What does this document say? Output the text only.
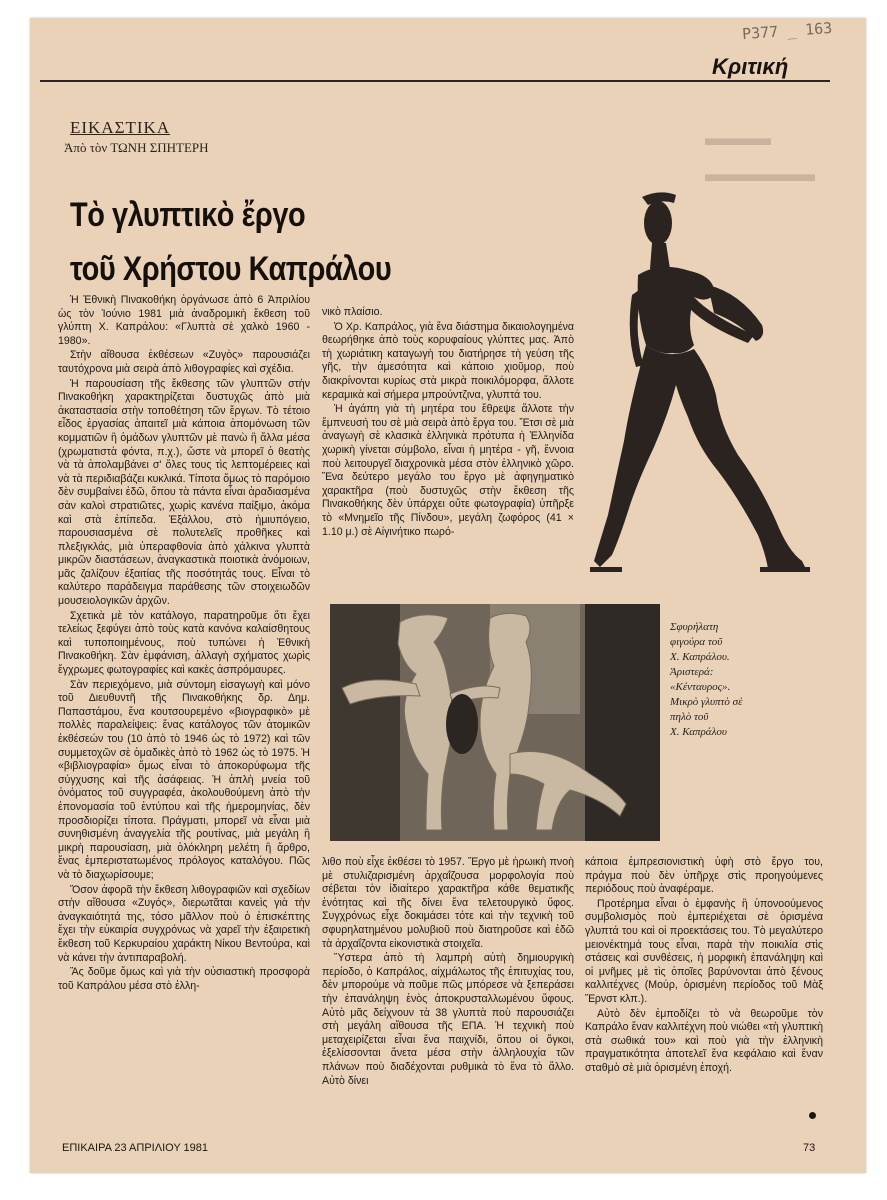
P377 _ 163
Κριτική
▬▬▬
▬▬▬▬▬
ΕΙΚΑΣΤΙΚΑ
Ἀπὸ τὸν ΤΩΝΗ ΣΠΗΤΕΡΗ
Τὸ γλυπτικὸ ἔργο
τοῦ Χρήστου Καπράλου

Ἡ Ἐθνικὴ Πινακοθήκη ὀργάνωσε ἀπὸ 6 Ἀπριλίου ὡς τὸν Ἰούνιο 1981 μιὰ ἀναδρομικὴ ἔκθεση τοῦ γλύπτη Χ. Καπράλου: «Γλυπτὰ σὲ χαλκὸ 1960 - 1980».

Στὴν αἴθουσα ἐκθέσεων «Ζυγὸς» παρουσιάζει ταυτόχρονα μιὰ σειρὰ ἀπὸ λιθογραφίες καὶ σχέδια.

Ἡ παρουσίαση τῆς ἔκθεσης τῶν γλυπτῶν στὴν Πινακοθήκη χαρακτηρίζεται δυστυχῶς ἀπὸ μιὰ ἀκαταστασία στὴν τοποθέτηση τῶν ἔργων. Τὸ τέτοιο εἶδος ἐργασίας ἀπαιτεῖ μιὰ κάποια ἀπομόνωση τῶν κομματιῶν ἢ ὁμάδων γλυπτῶν μὲ πανὼ ἢ ἄλλα μέσα (χρωματιστὰ φόντα, π.χ.), ὥστε νὰ μπορεῖ ὁ θεατὴς νὰ τὰ ἀπολαμβάνει σ' ὅλες τους τὶς λεπτομέρειες καὶ νὰ τὰ περιδιαβάζει κυκλικά. Τίποτα ὅμως τὸ παρόμοιο δὲν συμβαίνει ἐδῶ, ὅπου τὰ πάντα εἶναι ἀραδιασμένα σὰν καλοὶ στρατιῶτες, χωρὶς κανένα παίξιμο, ἀκόμα καὶ στὰ ἐπίπεδα. Ἐξάλλου, στὸ ἡμιυπόγειο, παρουσιασμένα σὲ πολυτελεῖς προθῆκες καὶ πλεξιγκλάς, μιὰ ὑπεραφθονία ἀπὸ χάλκινα γλυπτὰ μικρῶν διαστάσεων, ἀναγκαστικὰ ποιοτικὰ ἀνόμοιων, μᾶς ζαλίζουν ἐξαιτίας τῆς ποσότητάς τους. Εἶναι τὸ καλύτερο παράδειγμα παράθεσης τῶν στοιχειωδῶν μουσειολογικῶν ἀρχῶν.

Σχετικὰ μὲ τὸν κατάλογο, παρατηροῦμε ὅτι ἔχει τελείως ξεφύγει ἀπὸ τοὺς κατὰ κανόνα καλαίσθητους καὶ τυποποιημένους, ποὺ τυπώνει ἡ Ἐθνικὴ Πινακοθήκη. Σὰν ἐμφάνιση, ἀλλαγὴ σχήματος χωρὶς ἔγχρωμες φωτογραφίες καὶ κακὲς ἀσπρόμαυρες.

Σὰν περιεχόμενο, μιὰ σύντομη εἰσαγωγὴ καὶ μόνο τοῦ Διευθυντῆ τῆς Πινακοθήκης δρ. Δημ. Παπαστάμου, ἕνα κουτσουρεμένο «βιογραφικὸ» μὲ πολλὲς παραλείψεις: ἕνας κατάλογος τῶν ἀτομικῶν ἐκθέσεών του (10 ἀπὸ τὸ 1946 ὡς τὸ 1972) καὶ τῶν συμμετοχῶν σὲ ὁμαδικὲς ἀπὸ τὸ 1962 ὡς τὸ 1975. Ἡ «βιβλιογραφία» ὅμως εἶναι τὸ ἀποκορύφωμα τῆς σύγχυσης καὶ τῆς ἀσάφειας. Ἡ ἁπλὴ μνεία τοῦ ὀνόματος τοῦ συγγραφέα, ἀκολουθούμενη ἀπὸ τὴν ἐπονομασία τοῦ ἐντύπου καὶ τῆς ἡμερομηνίας, δὲν προσδιορίζει τίποτα. Πράγματι, μπορεῖ νὰ εἶναι μιὰ συνηθισμένη ἀναγγελία τῆς ρουτίνας, μιὰ μεγάλη ἢ μικρὴ παρουσίαση, μιὰ ὁλόκληρη μελέτη ἢ ἄρθρο, ἕνας ἐμπεριστατωμένος πρόλογος καταλόγου. Πῶς νὰ τὸ διαχωρίσουμε;

Ὅσον ἀφορᾶ τὴν ἔκθεση λιθογραφιῶν καὶ σχεδίων στὴν αἴθουσα «Ζυγός», διερωτᾶται κανεὶς γιὰ τὴν ἀναγκαιότητά της, τόσο μᾶλλον ποὺ ὁ ἐπισκέπτης ἔχει τὴν εὐκαιρία συγχρόνως νὰ χαρεῖ τὴν ἐξαιρετικὴ ἔκθεση τοῦ Κερκυραίου χαράκτη Νίκου Βεντούρα, καὶ νὰ κάνει τὴν ἀντιπαραβολή.

Ἂς δοῦμε ὅμως καὶ γιὰ τὴν οὐσιαστικὴ προσφορὰ τοῦ Καπράλου μέσα στὸ ἑλλη-

νικὸ πλαίσιο.

Ὁ Χρ. Καπράλος, γιὰ ἕνα διάστημα δικαιολογημένα θεωρήθηκε ἀπὸ τοὺς κορυφαίους γλύπτες μας. Ἀπὸ τὴ χωριάτικη καταγωγὴ του διατήρησε τὴ γεύση τῆς γῆς, τὴν ἀμεσότητα καὶ κάποιο χιοῦμορ, ποὺ διακρίνονται κυρίως στὰ μικρὰ ποικιλόμορφα, ἄλλοτε κεραμικὰ καὶ σήμερα μπρούντζινα, γλυπτά του.

Ἡ ἀγάπη γιὰ τὴ μητέρα του ἔθρεψε ἄλλοτε τὴν ἔμπνευσή του σὲ μιὰ σειρὰ ἀπὸ ἔργα του. Ἔτσι σὲ μιὰ ἀναγωγὴ σὲ κλασικὰ ἑλληνικὰ πρότυπα ἡ Ἑλληνίδα χωρικὴ γίνεται σύμβολο, εἶναι ἡ μητέρα - γῆ, ἔννοια ποὺ λειτουργεῖ διαχρονικὰ μέσα στὸν ἑλληνικὸ χῶρο. Ἕνα δεύτερο μεγάλο του ἔργο μὲ ἀφηγηματικὸ χαρακτῆρα (ποὺ δυστυχῶς στὴν ἔκθεση τῆς Πινακοθήκης δὲν ὑπάρχει οὔτε φωτογραφία) ὑπῆρξε τὸ «Μνημεῖο τῆς Πίνδου», μεγάλη ζωφόρος (41 × 1.10 μ.) σὲ Αἰγινήτικο πωρό-

Σφυρήλατη
φιγούρα τοῦ
Χ. Καπράλου.
Ἀριστερά:
«Κένταυρος».
Μικρὸ γλυπτὸ σὲ
πηλὸ τοῦ
Χ. Καπράλου

λιθο ποὺ εἶχε ἐκθέσει τὸ 1957. Ἔργο μὲ ἡρωικὴ πνοὴ μὲ στυλιζαρισμένη ἀρχαΐζουσα μορφολογία ποὺ σέβεται τὸν ἰδιαίτερο χαρακτῆρα κάθε θεματικῆς ἑνότητας καὶ τῆς δίνει ἕνα τελετουργικὸ ὕφος. Συγχρόνως εἶχε δοκιμάσει τότε καὶ τὴν τεχνικὴ τοῦ σφυρηλατημένου μολυβιοῦ ποὺ διατηροῦσε καὶ ἐδῶ τὰ ἀρχαΐζοντα εἰκονιστικὰ στοιχεῖα.

Ὕστερα ἀπὸ τὴ λαμπρὴ αὐτὴ δημιουργικὴ περίοδο, ὁ Καπράλος, αἰχμάλωτος τῆς ἐπιτυχίας του, δὲν μπορούμε νὰ ποῦμε πῶς μπόρεσε νὰ ξεπεράσει τὴν ἐπανάληψη ἑνὸς ἀποκρυσταλλωμένου ὕφους. Αὐτὸ μᾶς δείχνουν τὰ 38 γλυπτὰ ποὺ παρουσιάζει στὴ μεγάλη αἴθουσα τῆς ΕΠΑ. Ἡ τεχνικὴ ποὺ μεταχειρίζεται εἶναι ἕνα παιχνίδι, ὅπου οἱ ὄγκοι, ἐξελίσσονται ἄνετα μέσα στὴν ἀλληλουχία τῶν πλάνων ποὺ διαδέχονται ρυθμικὰ τὸ ἕνα τὸ ἄλλο. Αὐτὸ δίνει

κάποια ἐμπρεσιονιστικὴ ὑφὴ στὸ ἔργο του, πράγμα ποὺ δὲν ὑπῆρχε στὶς προηγούμενες περιόδους ποὺ ἀναφέραμε.

Προτέρημα εἶναι ὁ ἐμφανὴς ἢ ὑπονοούμενος συμβολισμὸς ποὺ ἐμπεριέχεται σὲ ὁρισμένα γλυπτά του καὶ οἱ προεκτάσεις του. Τὸ μεγαλύτερο μειονέκτημά τους εἶναι, παρὰ τὴν ποικιλία στὶς στάσεις καὶ συνθέσεις, ἡ μορφικὴ ἐπανάληψη καὶ οἱ μνῆμες μὲ τὶς ὁποῖες βαρύνονται ἀπὸ ξένους καλλιτέχνες (Μούρ, ὁρισμένη περίοδος τοῦ Μὰξ Ἔρνστ κλπ.).

Αὐτὸ δὲν ἐμποδίζει τὸ νὰ θεωροῦμε τὸν Καπράλο ἕναν καλλιτέχνη ποὺ νιώθει «τὴ γλυπτικὴ στὰ σωθικά του» καὶ ποὺ γιὰ τὴν ἑλληνικὴ πραγματικότητα ἀποτελεῖ ἕνα κεφάλαιο καὶ ἕναν σταθμὸ σὲ μιὰ ὁρισμένη ἐποχή.

ΕΠΙΚΑΙΡΑ 23 ΑΠΡΙΛΙΟΥ 1981	73
